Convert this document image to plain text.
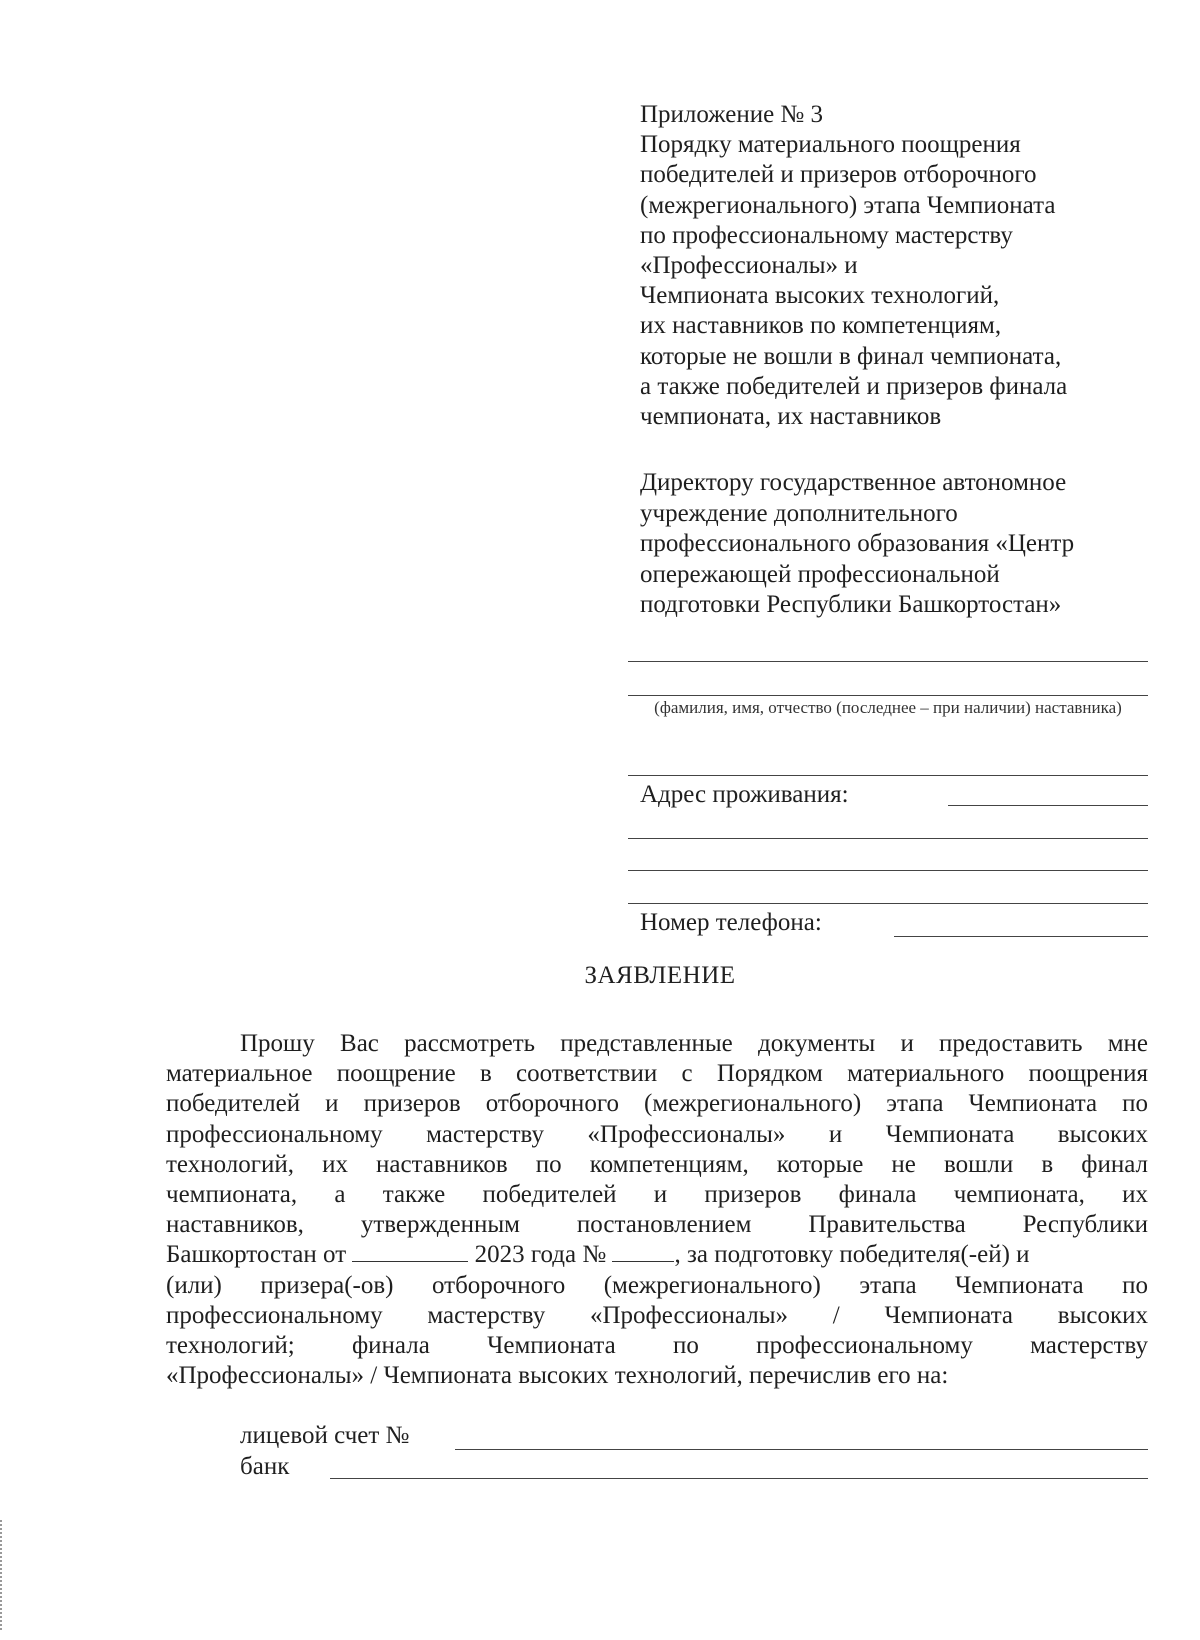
Приложение № 3
Порядку материального поощрения
победителей и призеров отборочного
(межрегионального) этапа Чемпионата
по профессиональному мастерству
«Профессионалы» и
Чемпионата высоких технологий,
их наставников по компетенциям,
которые не вошли в финал чемпионата,
а также победителей и призеров финала
чемпионата, их наставников
Директору государственное автономное
учреждение дополнительного
профессионального образования «Центр
опережающей профессиональной
подготовки Республики Башкортостан»
(фамилия, имя, отчество (последнее – при наличии) наставника)
Адрес проживания:
Номер телефона:
ЗАЯВЛЕНИЕ
Прошу Вас рассмотреть представленные документы и предоставить мне
материальное поощрение в соответствии с Порядком материального поощрения
победителей и призеров отборочного (межрегионального) этапа Чемпионата по
профессиональному мастерству «Профессионалы» и Чемпионата высоких
технологий, их наставников по компетенциям, которые не вошли в финал
чемпионата, а также победителей и призеров финала чемпионата, их
наставников, утвержденным постановлением Правительства Республики
Башкортостан от	2023 года №	, за подготовку победителя(-ей) и
(или) призера(-ов) отборочного (межрегионального) этапа Чемпионата по
профессиональному мастерству «Профессионалы» / Чемпионата высоких
технологий; финала Чемпионата по профессиональному мастерству
«Профессионалы» / Чемпионата высоких технологий, перечислив его на:
лицевой счет №
банк
